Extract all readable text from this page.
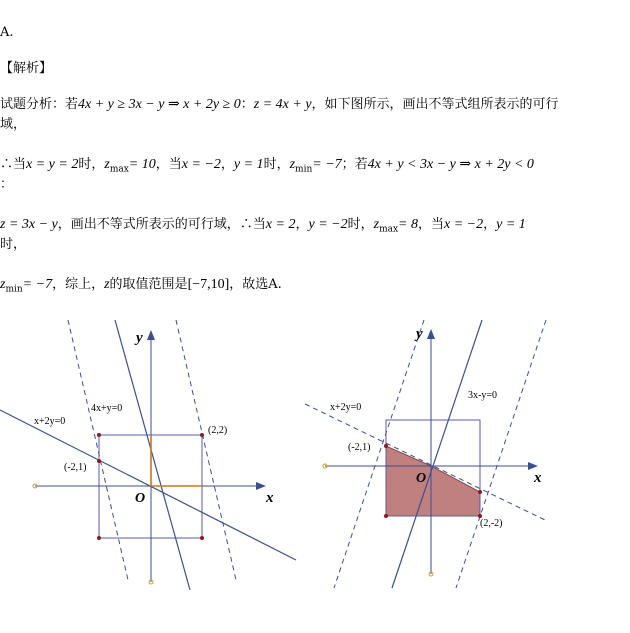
A.
【解析】
试题分析：若4x + y ≥ 3x − y ⇒ x + 2y ≥ 0：z = 4x + y，如下图所示，画出不等式组所表示的可行
域，
∴当x = y = 2时，$z_{max}= 10$，当x = −2，y = 1时，$z_{min}= -7$；若4x + y < 3x − y ⇒ x + 2y < 0
：
z = 3x − y，画出不等式所表示的可行域，∴当x = 2，y = −2时，$z_{max}= 8$，当x = −2，y = 1
时，
$z_{min}= -7$，综上，z的取值范围是[−7,10]，故选A.
y
x
O
4x+y=0
x+2y=0
(2,2)
(-2,1)
y
x
O
x+2y=0
3x-y=0
(-2,1)
(2,-2)
